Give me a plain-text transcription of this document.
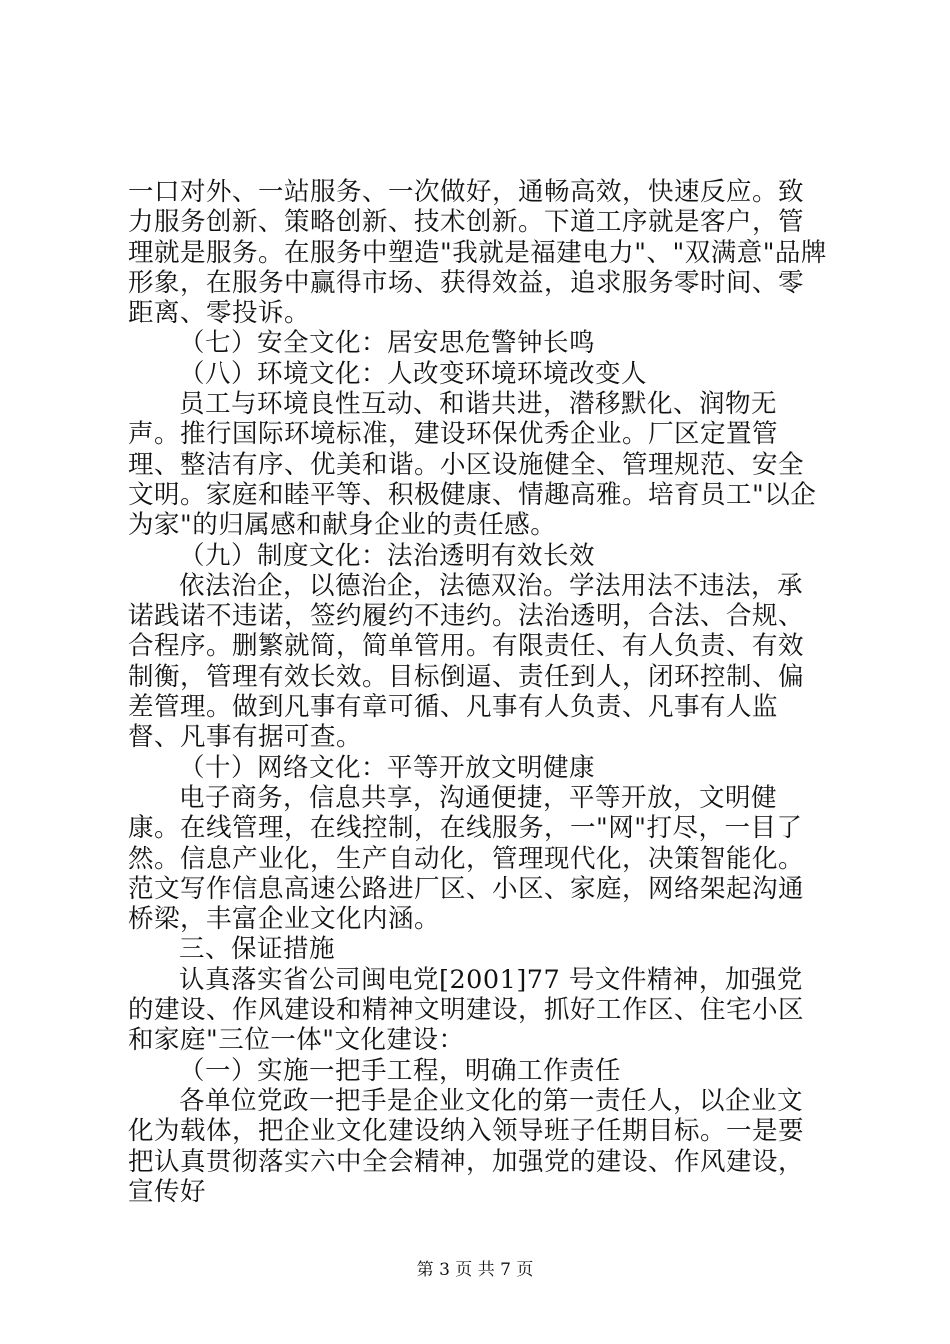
一口对外、一站服务、一次做好，通畅高效，快速反应。致力服务创新、策略创新、技术创新。下道工序就是客户，管理就是服务。在服务中塑造"我就是福建电力"、"双满意"品牌形象，在服务中赢得市场、获得效益，追求服务零时间、零距离、零投诉。

（七）安全文化：居安思危警钟长鸣

（八）环境文化：人改变环境环境改变人

员工与环境良性互动、和谐共进，潜移默化、润物无声。推行国际环境标准，建设环保优秀企业。厂区定置管理、整洁有序、优美和谐。小区设施健全、管理规范、安全文明。家庭和睦平等、积极健康、情趣高雅。培育员工"以企为家"的归属感和献身企业的责任感。

（九）制度文化：法治透明有效长效

依法治企，以德治企，法德双治。学法用法不违法，承诺践诺不违诺，签约履约不违约。法治透明，合法、合规、合程序。删繁就简，简单管用。有限责任、有人负责、有效制衡，管理有效长效。目标倒逼、责任到人，闭环控制、偏差管理。做到凡事有章可循、凡事有人负责、凡事有人监督、凡事有据可查。

（十）网络文化：平等开放文明健康

电子商务，信息共享，沟通便捷，平等开放，文明健康。在线管理，在线控制，在线服务，一"网"打尽，一目了然。信息产业化，生产自动化，管理现代化，决策智能化。范文写作信息高速公路进厂区、小区、家庭，网络架起沟通桥梁，丰富企业文化内涵。

三、保证措施

认真落实省公司闽电党[2001]77 号文件精神，加强党的建设、作风建设和精神文明建设，抓好工作区、住宅小区和家庭"三位一体"文化建设：

（一）实施一把手工程，明确工作责任

各单位党政一把手是企业文化的第一责任人，以企业文化为载体，把企业文化建设纳入领导班子任期目标。一是要把认真贯彻落实六中全会精神，加强党的建设、作风建设，宣传好

第 3 页 共 7 页
